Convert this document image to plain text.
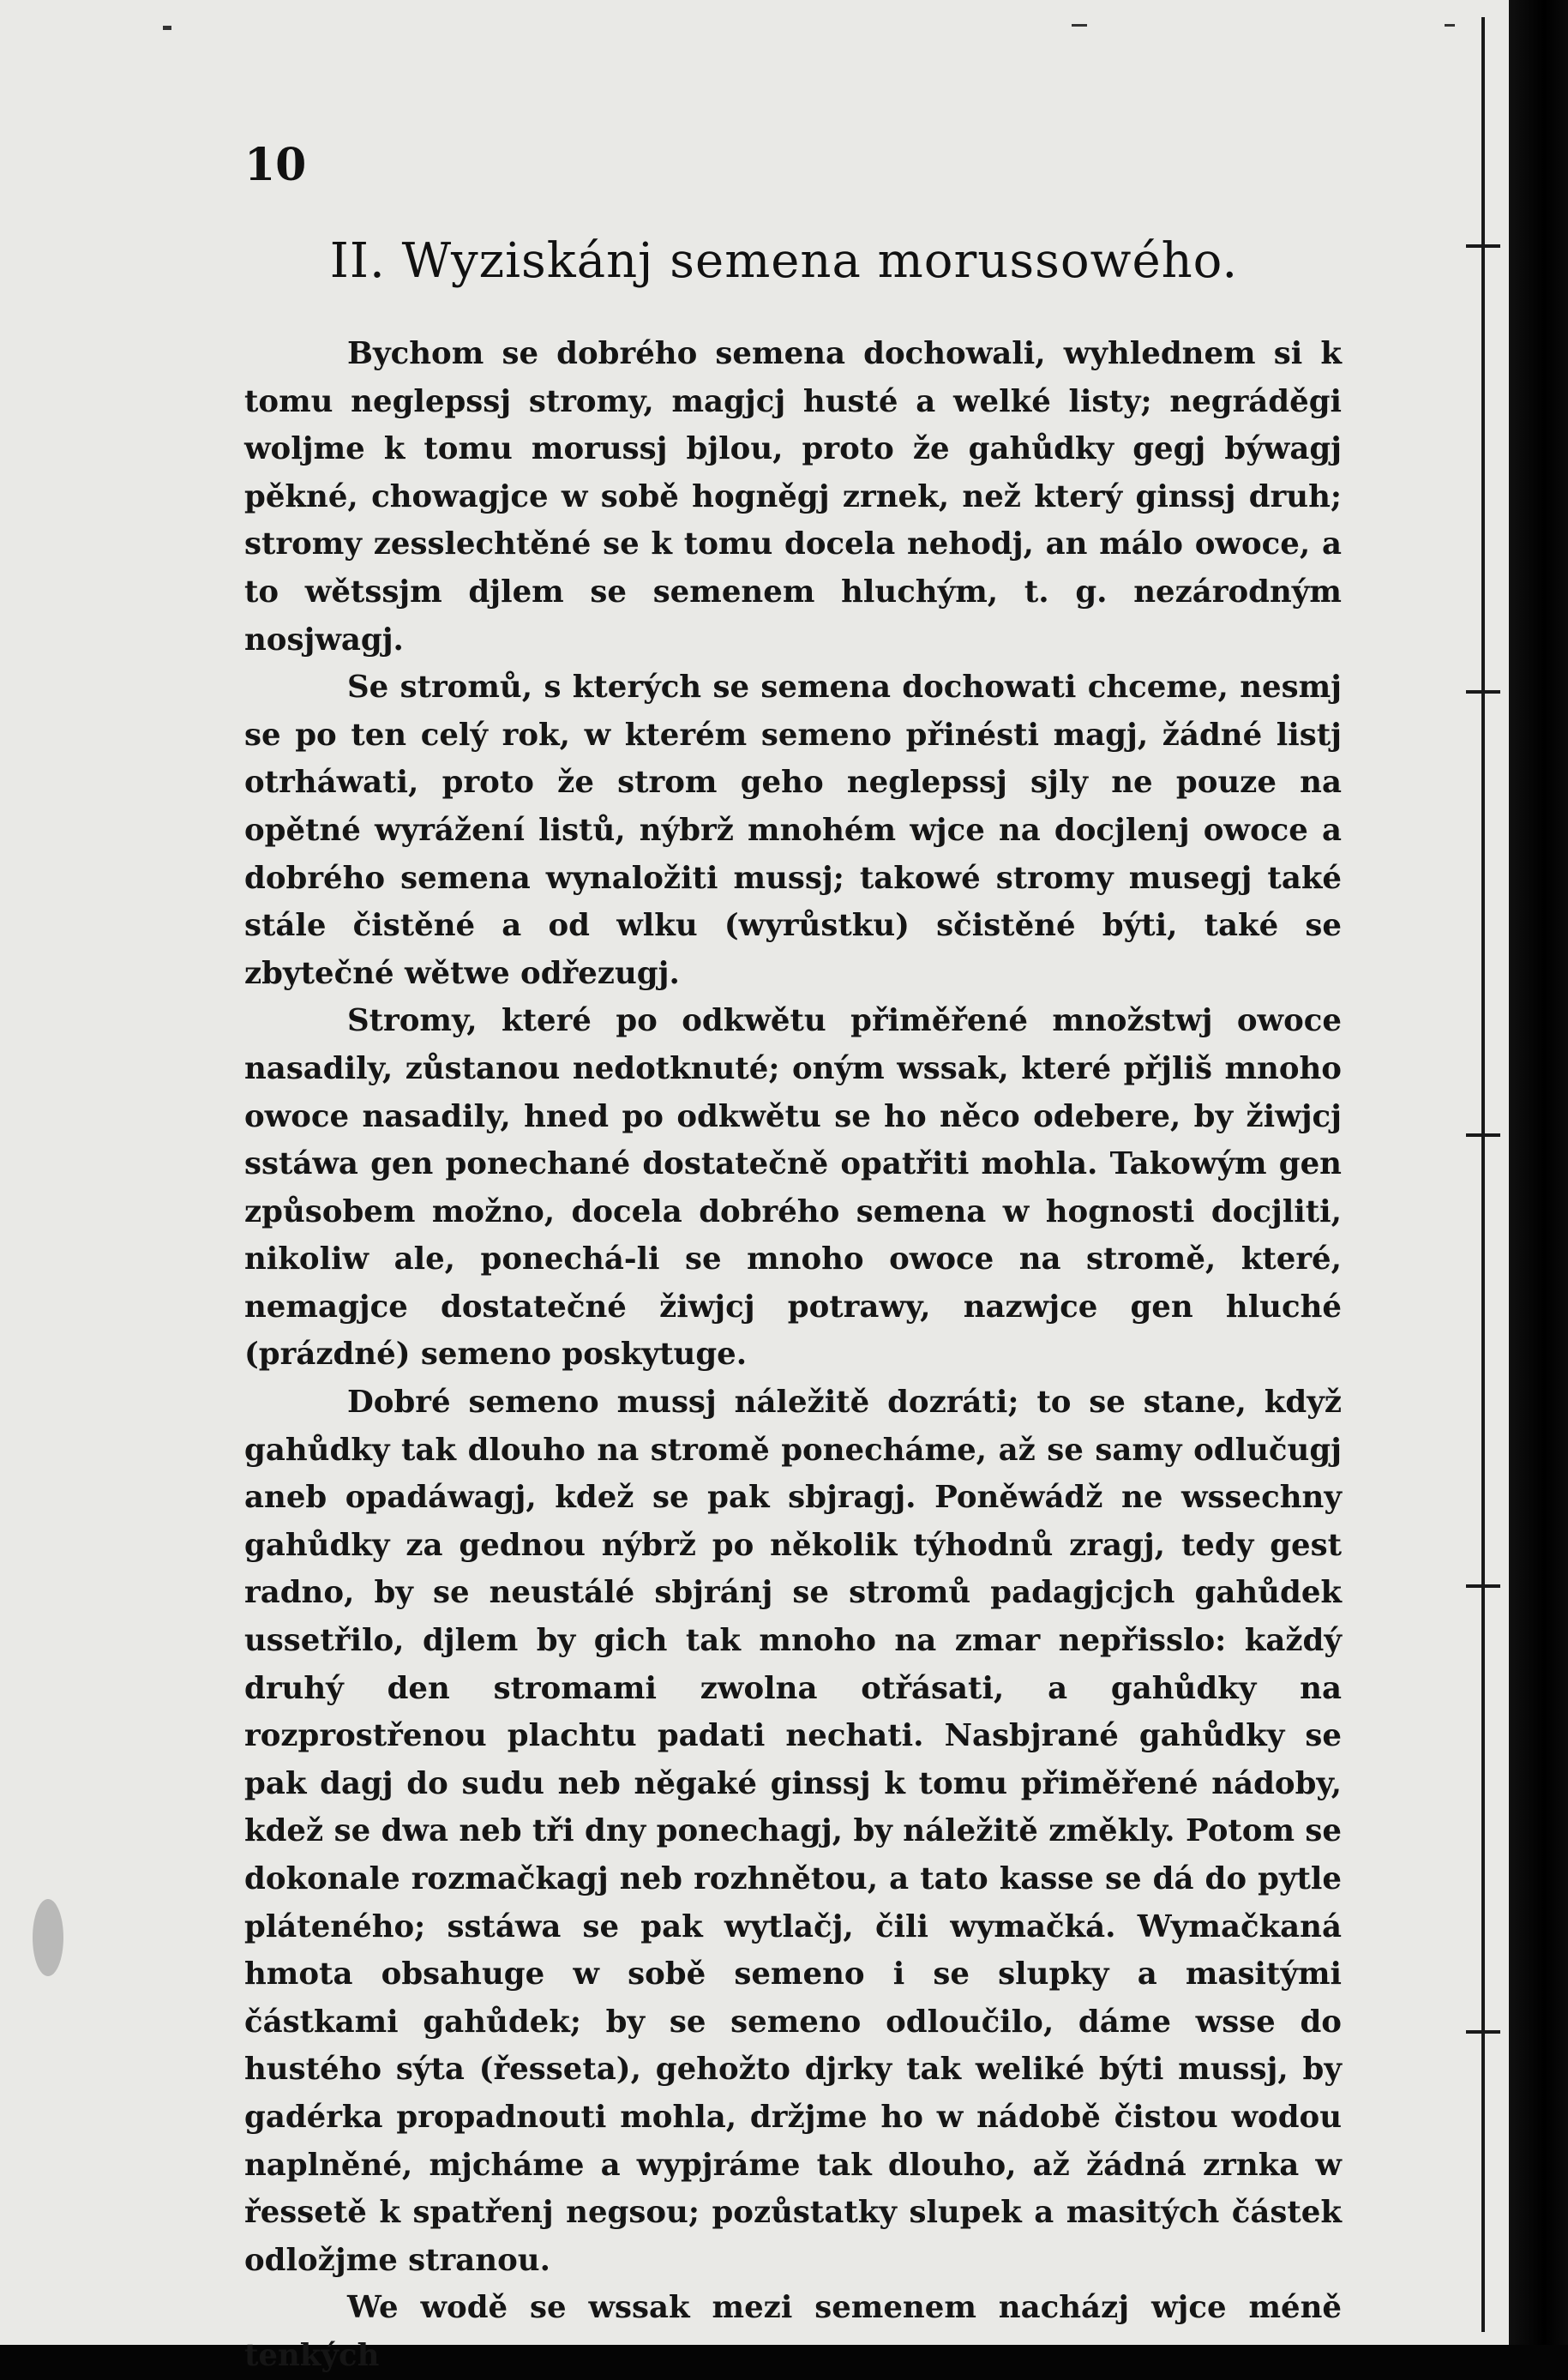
10
II. Wyziskánj semena morussowého.

Bychom se dobrého semena dochowali, wyhlednem si k tomu neglepssj stromy, magjcj husté a welké listy; negráděgi woljme k tomu morussj bjlou, proto že gahůdky gegj býwagj pěkné, chowagjce w sobě hogněgj zrnek, než který ginssj druh; stromy zesslechtěné se k tomu docela nehodj, an málo owoce, a to wětssjm djlem se semenem hluchým, t. g. nezárodným nosjwagj.

Se stromů, s kterých se semena dochowati chceme, nesmj se po ten celý rok, w kterém semeno přinésti magj, žádné listj otrháwati, proto že strom geho neglepssj sjly ne pouze na opětné wyrážení listů, nýbrž mnohém wjce na docjlenj owoce a dobrého semena wynaložiti mussj; takowé stromy musegj také stále čistěné a od wlku (wyrůstku) sčistěné býti, také se zbytečné wětwe odřezugj.

Stromy, které po odkwětu přiměřené množstwj owoce nasadily, zůstanou nedotknuté; oným wssak, které přjliš mnoho owoce nasadily, hned po odkwětu se ho něco odebere, by žiwjcj sstáwa gen ponechané dostatečně opatřiti mohla. Takowým gen způsobem možno, docela dobrého semena w hognosti docjliti, nikoliw ale, ponechá-li se mnoho owoce na stromě, které, nemagjce dostatečné žiwjcj potrawy, nazwjce gen hluché (prázdné) semeno poskytuge.

Dobré semeno mussj náležitě dozráti; to se stane, když gahůdky tak dlouho na stromě ponecháme, až se samy odlučugj aneb opadáwagj, kdež se pak sbjragj. Poněwádž ne wssechny gahůdky za gednou nýbrž po několik týhodnů zragj, tedy gest radno, by se neustálé sbjránj se stromů padagjcjch gahůdek ussetřilo, djlem by gich tak mnoho na zmar nepřisslo: každý druhý den stromami zwolna otřásati, a gahůdky na rozprostřenou plachtu padati nechati. Nasbjrané gahůdky se pak dagj do sudu neb něgaké ginssj k tomu přiměřené nádoby, kdež se dwa neb tři dny ponechagj, by náležitě změkly. Potom se dokonale rozmačkagj neb rozhnětou, a tato kasse se dá do pytle pláteného; sstáwa se pak wytlačj, čili wymačká. Wymačkaná hmota obsahuge w sobě semeno i se slupky a masitými částkami gahůdek; by se semeno odloučilo, dáme wsse do hustého sýta (řesseta), gehožto djrky tak weliké býti mussj, by gadérka propadnouti mohla, držjme ho w nádobě čistou wodou naplněné, mjcháme a wypjráme tak dlouho, až žádná zrnka w řessetě k spatřenj negsou; pozůstatky slupek a masitých částek odložjme stranou.

We wodě se wssak mezi semenem nacházj wjce méně tenkých
